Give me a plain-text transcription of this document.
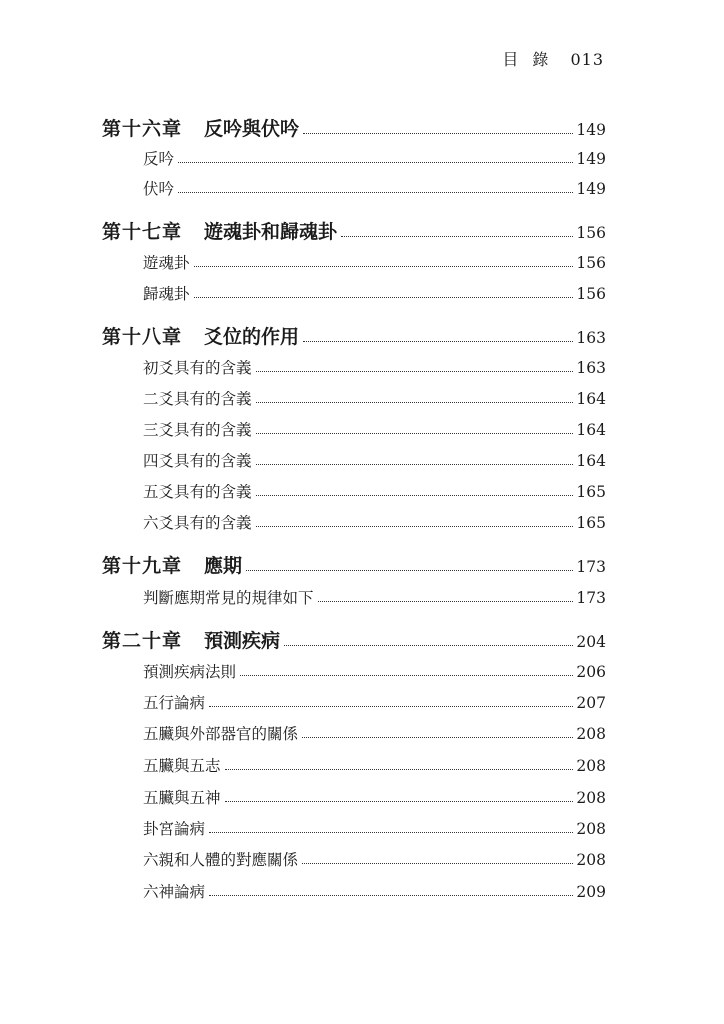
目錄 013
第十六章 反吟與伏吟	149
反吟	149
伏吟	149
第十七章 遊魂卦和歸魂卦	156
遊魂卦	156
歸魂卦	156
第十八章 爻位的作用	163
初爻具有的含義	163
二爻具有的含義	164
三爻具有的含義	164
四爻具有的含義	164
五爻具有的含義	165
六爻具有的含義	165
第十九章 應期	173
判斷應期常見的規律如下	173
第二十章 預測疾病	204
預測疾病法則	206
五行論病	207
五臟與外部器官的關係	208
五臟與五志	208
五臟與五神	208
卦宮論病	208
六親和人體的對應關係	208
六神論病	209
